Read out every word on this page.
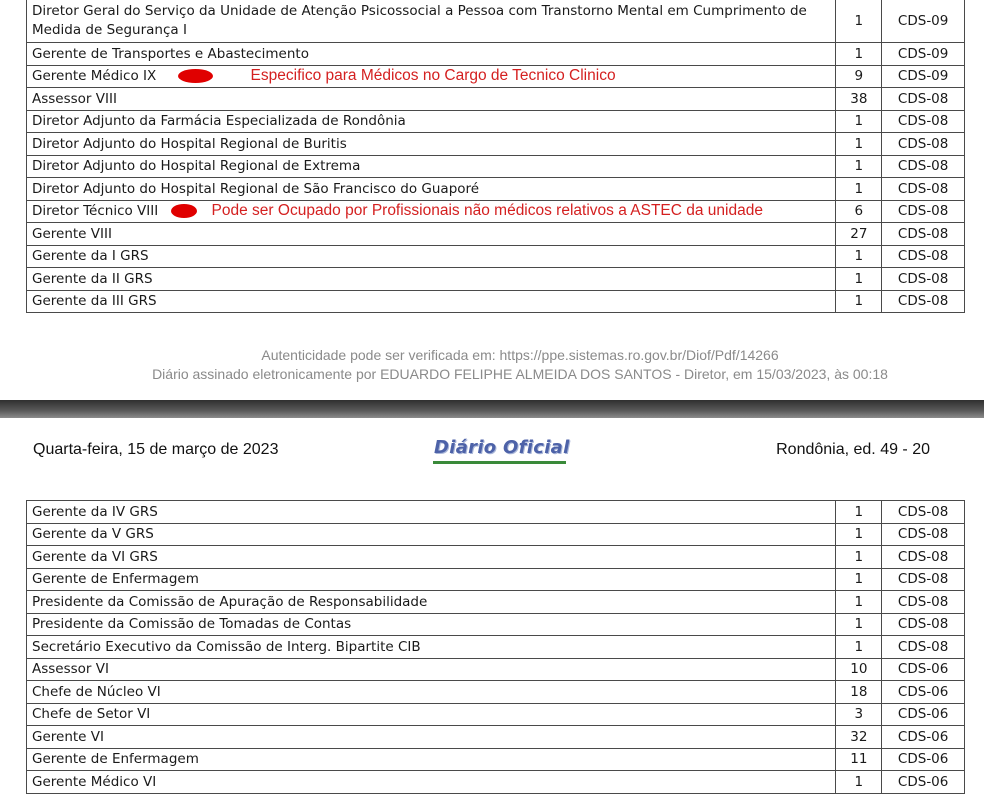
Diretor Geral do Serviço da Unidade de Atenção Psicossocial a Pessoa com Transtorno Mental em Cumprimento de Medida de Segurança I	1	CDS-09
Gerente de Transportes e Abastecimento	1	CDS-09
Gerente Médico IX Especifico para Médicos no Cargo de Tecnico Clinico	9	CDS-09
Assessor VIII	38	CDS-08
Diretor Adjunto da Farmácia Especializada de Rondônia	1	CDS-08
Diretor Adjunto do Hospital Regional de Buritis	1	CDS-08
Diretor Adjunto do Hospital Regional de Extrema	1	CDS-08
Diretor Adjunto do Hospital Regional de São Francisco do Guaporé	1	CDS-08
Diretor Técnico VIII Pode ser Ocupado por Profissionais não médicos relativos a ASTEC da unidade	6	CDS-08
Gerente VIII	27	CDS-08
Gerente da I GRS	1	CDS-08
Gerente da II GRS	1	CDS-08
Gerente da III GRS	1	CDS-08
Autenticidade pode ser verificada em: https://ppe.sistemas.ro.gov.br/Diof/Pdf/14266
Diário assinado eletronicamente por EDUARDO FELIPHE ALMEIDA DOS SANTOS - Diretor, em 15/03/2023, às 00:18
Quarta-feira, 15 de março de 2023	Diário Oficial	Rondônia, ed. 49 - 20
Gerente da IV GRS	1	CDS-08
Gerente da V GRS	1	CDS-08
Gerente da VI GRS	1	CDS-08
Gerente de Enfermagem	1	CDS-08
Presidente da Comissão de Apuração de Responsabilidade	1	CDS-08
Presidente da Comissão de Tomadas de Contas	1	CDS-08
Secretário Executivo da Comissão de Interg. Bipartite CIB	1	CDS-08
Assessor VI	10	CDS-06
Chefe de Núcleo VI	18	CDS-06
Chefe de Setor VI	3	CDS-06
Gerente VI	32	CDS-06
Gerente de Enfermagem	11	CDS-06
Gerente Médico VI	1	CDS-06
